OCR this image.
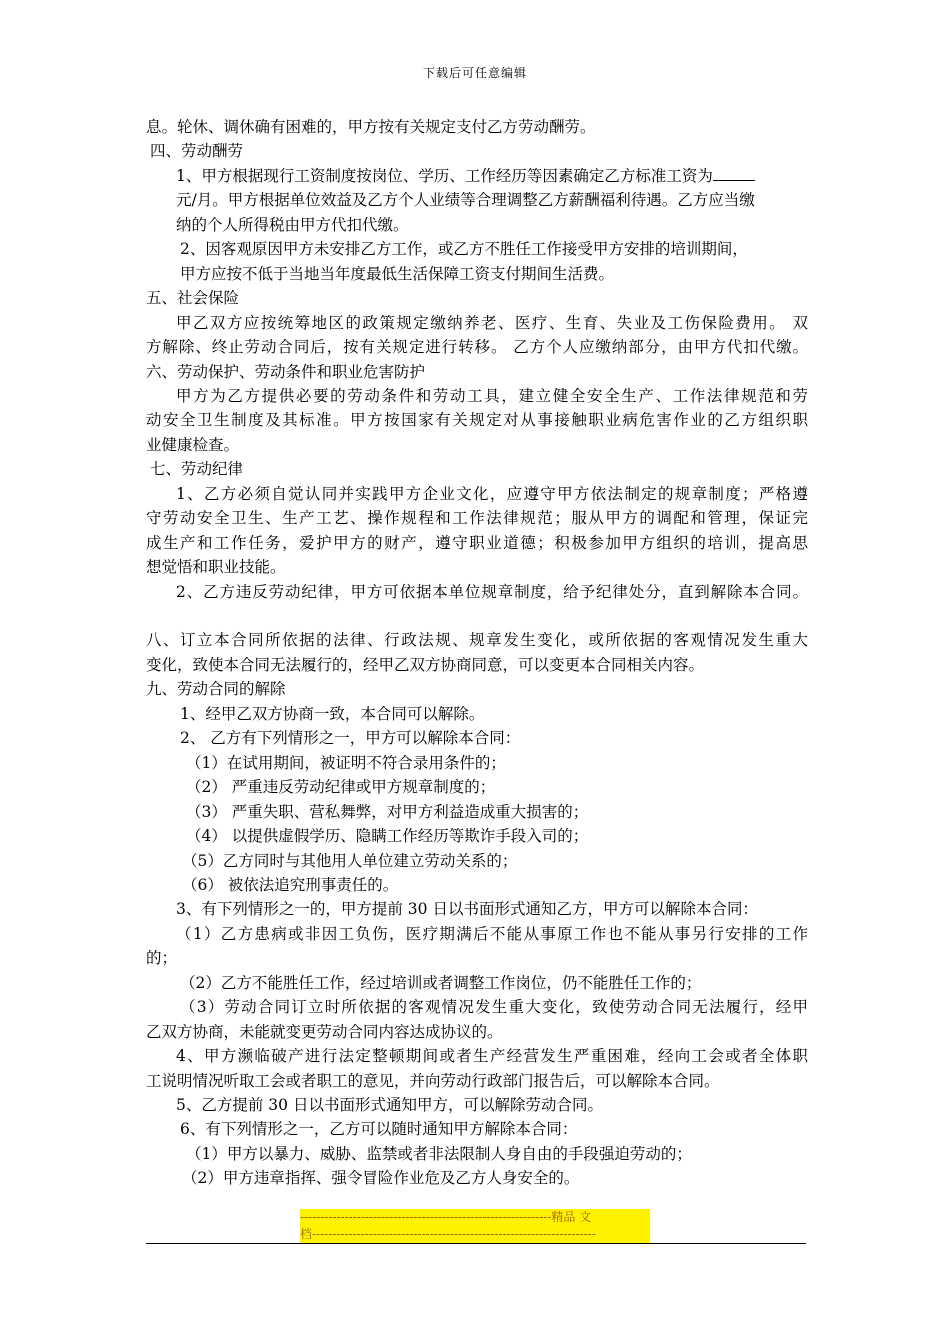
下载后可任意编辑
息。轮休、调休确有困难的，甲方按有关规定支付乙方劳动酬劳。
四、劳动酬劳
1、甲方根据现行工资制度按岗位、学历、工作经历等因素确定乙方标准工资为
元/月。甲方根据单位效益及乙方个人业绩等合理调整乙方薪酬福利待遇。乙方应当缴
纳的个人所得税由甲方代扣代缴。
2、因客观原因甲方未安排乙方工作，或乙方不胜任工作接受甲方安排的培训期间，
甲方应按不低于当地当年度最低生活保障工资支付期间生活费。
五、社会保险
甲乙双方应按统筹地区的政策规定缴纳养老、医疗、生育、失业及工伤保险费用。 双
方解除、终止劳动合同后，按有关规定进行转移。 乙方个人应缴纳部分，由甲方代扣代缴。
六、劳动保护、劳动条件和职业危害防护
甲方为乙方提供必要的劳动条件和劳动工具，建立健全安全生产、工作法律规范和劳
动安全卫生制度及其标准。甲方按国家有关规定对从事接触职业病危害作业的乙方组织职
业健康检查。
七、劳动纪律
1、乙方必须自觉认同并实践甲方企业文化，应遵守甲方依法制定的规章制度；严格遵
守劳动安全卫生、生产工艺、操作规程和工作法律规范；服从甲方的调配和管理，保证完
成生产和工作任务，爱护甲方的财产，遵守职业道德；积极参加甲方组织的培训，提高思
想觉悟和职业技能。
2、乙方违反劳动纪律，甲方可依据本单位规章制度，给予纪律处分，直到解除本合同。
八、订立本合同所依据的法律、行政法规、规章发生变化，或所依据的客观情况发生重大
变化，致使本合同无法履行的，经甲乙双方协商同意，可以变更本合同相关内容。
九、劳动合同的解除
1、经甲乙双方协商一致，本合同可以解除。
2、 乙方有下列情形之一，甲方可以解除本合同：
（1）在试用期间，被证明不符合录用条件的；
（2） 严重违反劳动纪律或甲方规章制度的；
（3） 严重失职、营私舞弊，对甲方利益造成重大损害的；
（4） 以提供虚假学历、隐瞒工作经历等欺诈手段入司的；
（5）乙方同时与其他用人单位建立劳动关系的；
（6） 被依法追究刑事责任的。
3、有下列情形之一的，甲方提前 30 日以书面形式通知乙方，甲方可以解除本合同：
（1）乙方患病或非因工负伤，医疗期满后不能从事原工作也不能从事另行安排的工作
的；
（2）乙方不能胜任工作，经过培训或者调整工作岗位，仍不能胜任工作的；
（3）劳动合同订立时所依据的客观情况发生重大变化，致使劳动合同无法履行，经甲
乙双方协商，未能就变更劳动合同内容达成协议的。
4、甲方濒临破产进行法定整顿期间或者生产经营发生严重困难，经向工会或者全体职
工说明情况听取工会或者职工的意见，并向劳动行政部门报告后，可以解除本合同。
5、乙方提前 30 日以书面形式通知甲方，可以解除劳动合同。
6、有下列情形之一，乙方可以随时通知甲方解除本合同：
（1）甲方以暴力、威胁、监禁或者非法限制人身自由的手段强迫劳动的；
（2）甲方违章指挥、强令冒险作业危及乙方人身安全的。
--------------------------------------------------------------精品 文
档----------------------------------------------------------------------
